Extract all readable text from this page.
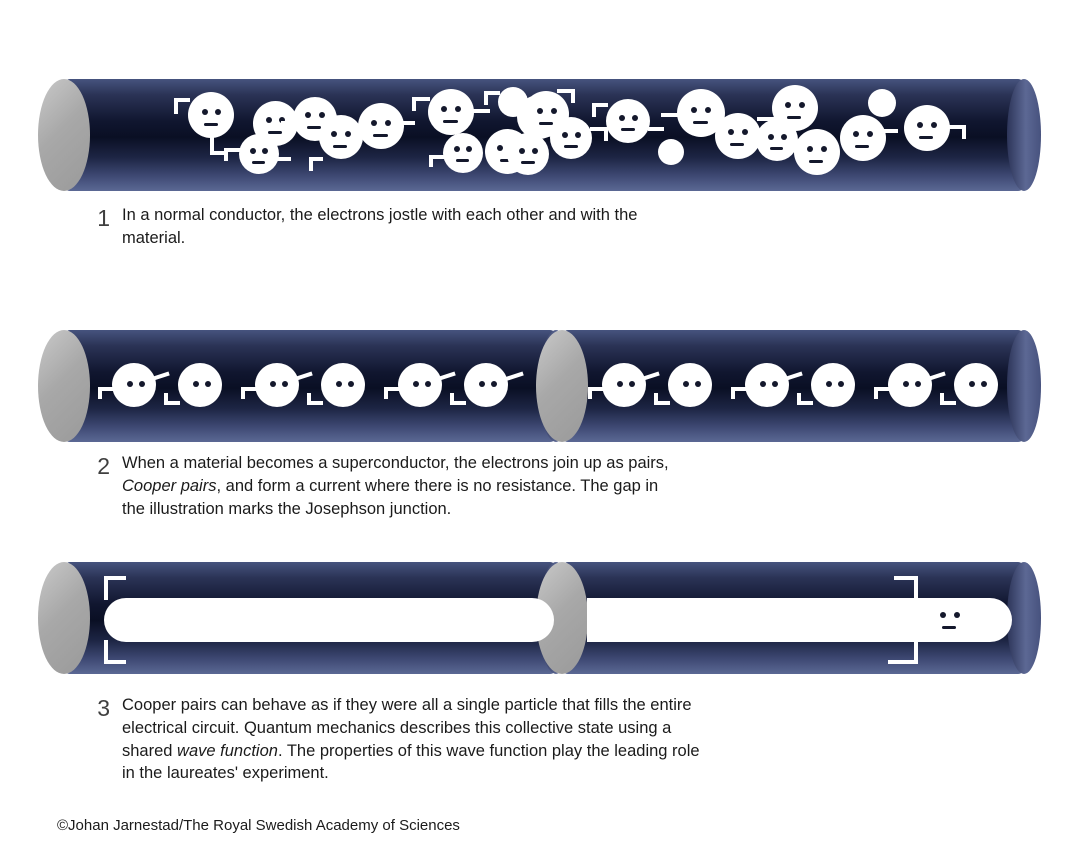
1 In a normal conductor, the electrons jostle with each other and with the material.
2 When a material becomes a superconductor, the electrons join up as pairs, Cooper pairs, and form a current where there is no resistance. The gap in the illustration marks the Josephson junction.
3 Cooper pairs can behave as if they were all a single particle that fills the entire electrical circuit. Quantum mechanics describes this collective state using a shared wave function. The properties of this wave function play the leading role in the laureates' experiment.
©Johan Jarnestad/The Royal Swedish Academy of Sciences
